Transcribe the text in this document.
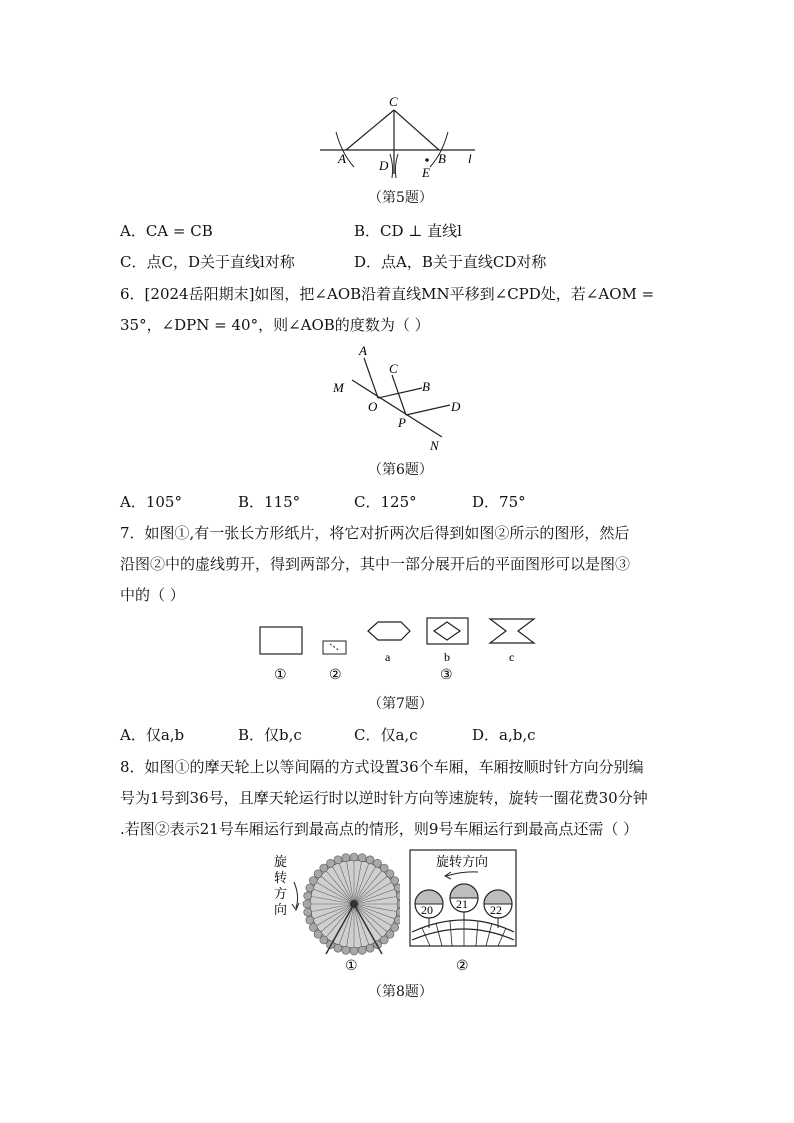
C
A	D	B
E
l
（第5题）
A．CA = CB	B．CD ⊥ 直线l
C．点C，D关于直线l对称	D．点A，B关于直线CD对称
6．[2024岳阳期末]如图，把∠AOB沿着直线MN平移到∠CPD处，若∠AOM =
35°，∠DPN = 40°，则∠AOB的度数为（ ）
A
C
B
M
O	D
P
N
（第6题）
A．105°	B．115°	C．125°	D．75°
7．如图①,有一张长方形纸片，将它对折两次后得到如图②所示的图形，然后
沿图②中的虚线剪开，得到两部分，其中一部分展开后的平面图形可以是图③
中的（ ）
①	②
a	b	c
③
（第7题）
A．仅a,b	B．仅b,c	C．仅a,c	D．a,b,c
8．如图①的摩天轮上以等间隔的方式设置36个车厢，车厢按顺时针方向分别编
号为1号到36号，且摩天轮运行时以逆时针方向等速旋转，旋转一圈花费30分钟
.若图②表示21号车厢运行到最高点的情形，则9号车厢运行到最高点还需（ ）
旋
转
方
向
①
旋转方向
20 21 22
②
（第8题）
